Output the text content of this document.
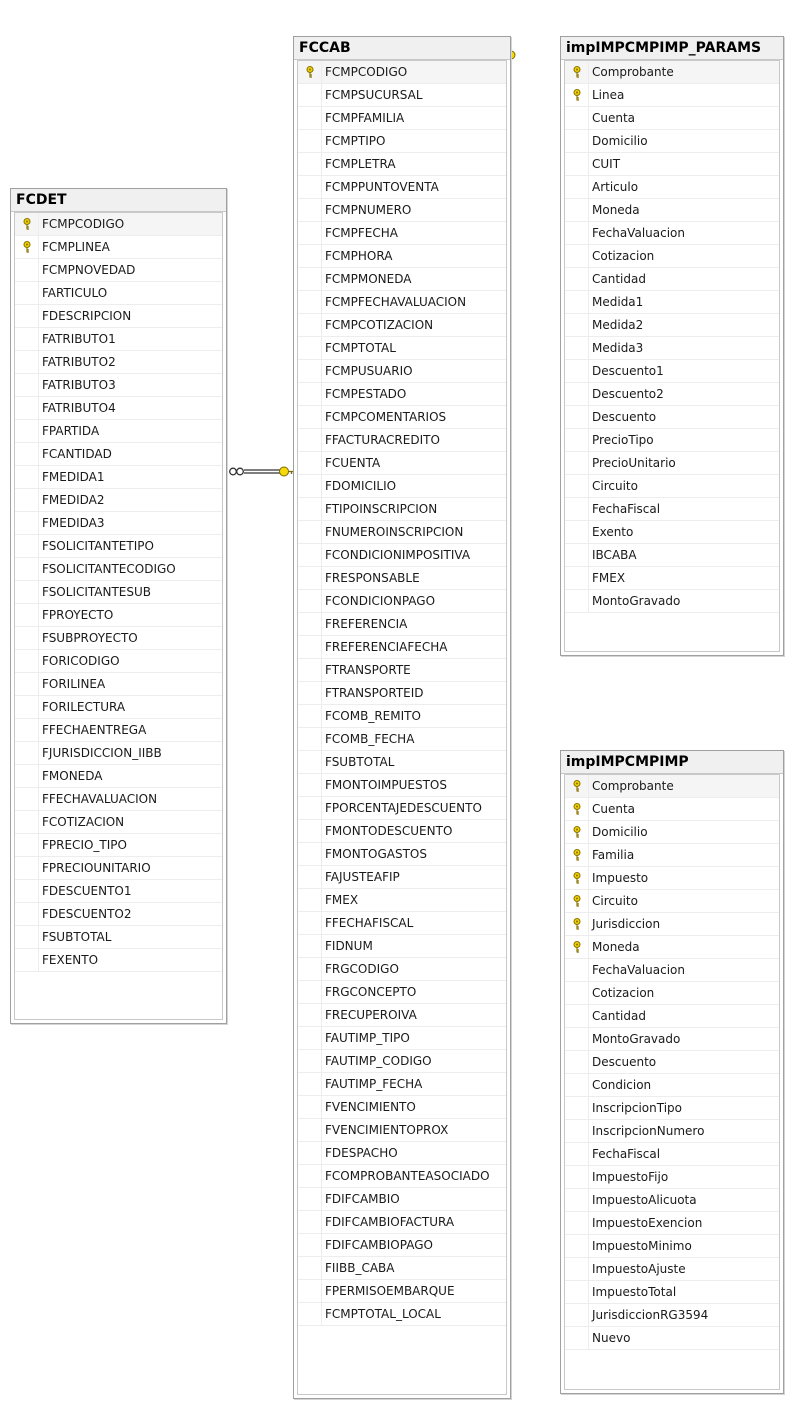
FCDET
FCMPCODIGO
FCMPLINEA
FCMPNOVEDAD
FARTICULO
FDESCRIPCION
FATRIBUTO1
FATRIBUTO2
FATRIBUTO3
FATRIBUTO4
FPARTIDA
FCANTIDAD
FMEDIDA1
FMEDIDA2
FMEDIDA3
FSOLICITANTETIPO
FSOLICITANTECODIGO
FSOLICITANTESUB
FPROYECTO
FSUBPROYECTO
FORICODIGO
FORILINEA
FORILECTURA
FFECHAENTREGA
FJURISDICCION_IIBB
FMONEDA
FFECHAVALUACION
FCOTIZACION
FPRECIO_TIPO
FPRECIOUNITARIO
FDESCUENTO1
FDESCUENTO2
FSUBTOTAL
FEXENTO
FCCAB
FCMPCODIGO
FCMPSUCURSAL
FCMPFAMILIA
FCMPTIPO
FCMPLETRA
FCMPPUNTOVENTA
FCMPNUMERO
FCMPFECHA
FCMPHORA
FCMPMONEDA
FCMPFECHAVALUACION
FCMPCOTIZACION
FCMPTOTAL
FCMPUSUARIO
FCMPESTADO
FCMPCOMENTARIOS
FFACTURACREDITO
FCUENTA
FDOMICILIO
FTIPOINSCRIPCION
FNUMEROINSCRIPCION
FCONDICIONIMPOSITIVA
FRESPONSABLE
FCONDICIONPAGO
FREFERENCIA
FREFERENCIAFECHA
FTRANSPORTE
FTRANSPORTEID
FCOMB_REMITO
FCOMB_FECHA
FSUBTOTAL
FMONTOIMPUESTOS
FPORCENTAJEDESCUENTO
FMONTODESCUENTO
FMONTOGASTOS
FAJUSTEAFIP
FMEX
FFECHAFISCAL
FIDNUM
FRGCODIGO
FRGCONCEPTO
FRECUPEROIVA
FAUTIMP_TIPO
FAUTIMP_CODIGO
FAUTIMP_FECHA
FVENCIMIENTO
FVENCIMIENTOPROX
FDESPACHO
FCOMPROBANTEASOCIADO
FDIFCAMBIO
FDIFCAMBIOFACTURA
FDIFCAMBIOPAGO
FIIBB_CABA
FPERMISOEMBARQUE
FCMPTOTAL_LOCAL
impIMPCMPIMP_PARAMS
Comprobante
Linea
Cuenta
Domicilio
CUIT
Articulo
Moneda
FechaValuacion
Cotizacion
Cantidad
Medida1
Medida2
Medida3
Descuento1
Descuento2
Descuento
PrecioTipo
PrecioUnitario
Circuito
FechaFiscal
Exento
IBCABA
FMEX
MontoGravado
impIMPCMPIMP
Comprobante
Cuenta
Domicilio
Familia
Impuesto
Circuito
Jurisdiccion
Moneda
FechaValuacion
Cotizacion
Cantidad
MontoGravado
Descuento
Condicion
InscripcionTipo
InscripcionNumero
FechaFiscal
ImpuestoFijo
ImpuestoAlicuota
ImpuestoExencion
ImpuestoMinimo
ImpuestoAjuste
ImpuestoTotal
JurisdiccionRG3594
Nuevo
